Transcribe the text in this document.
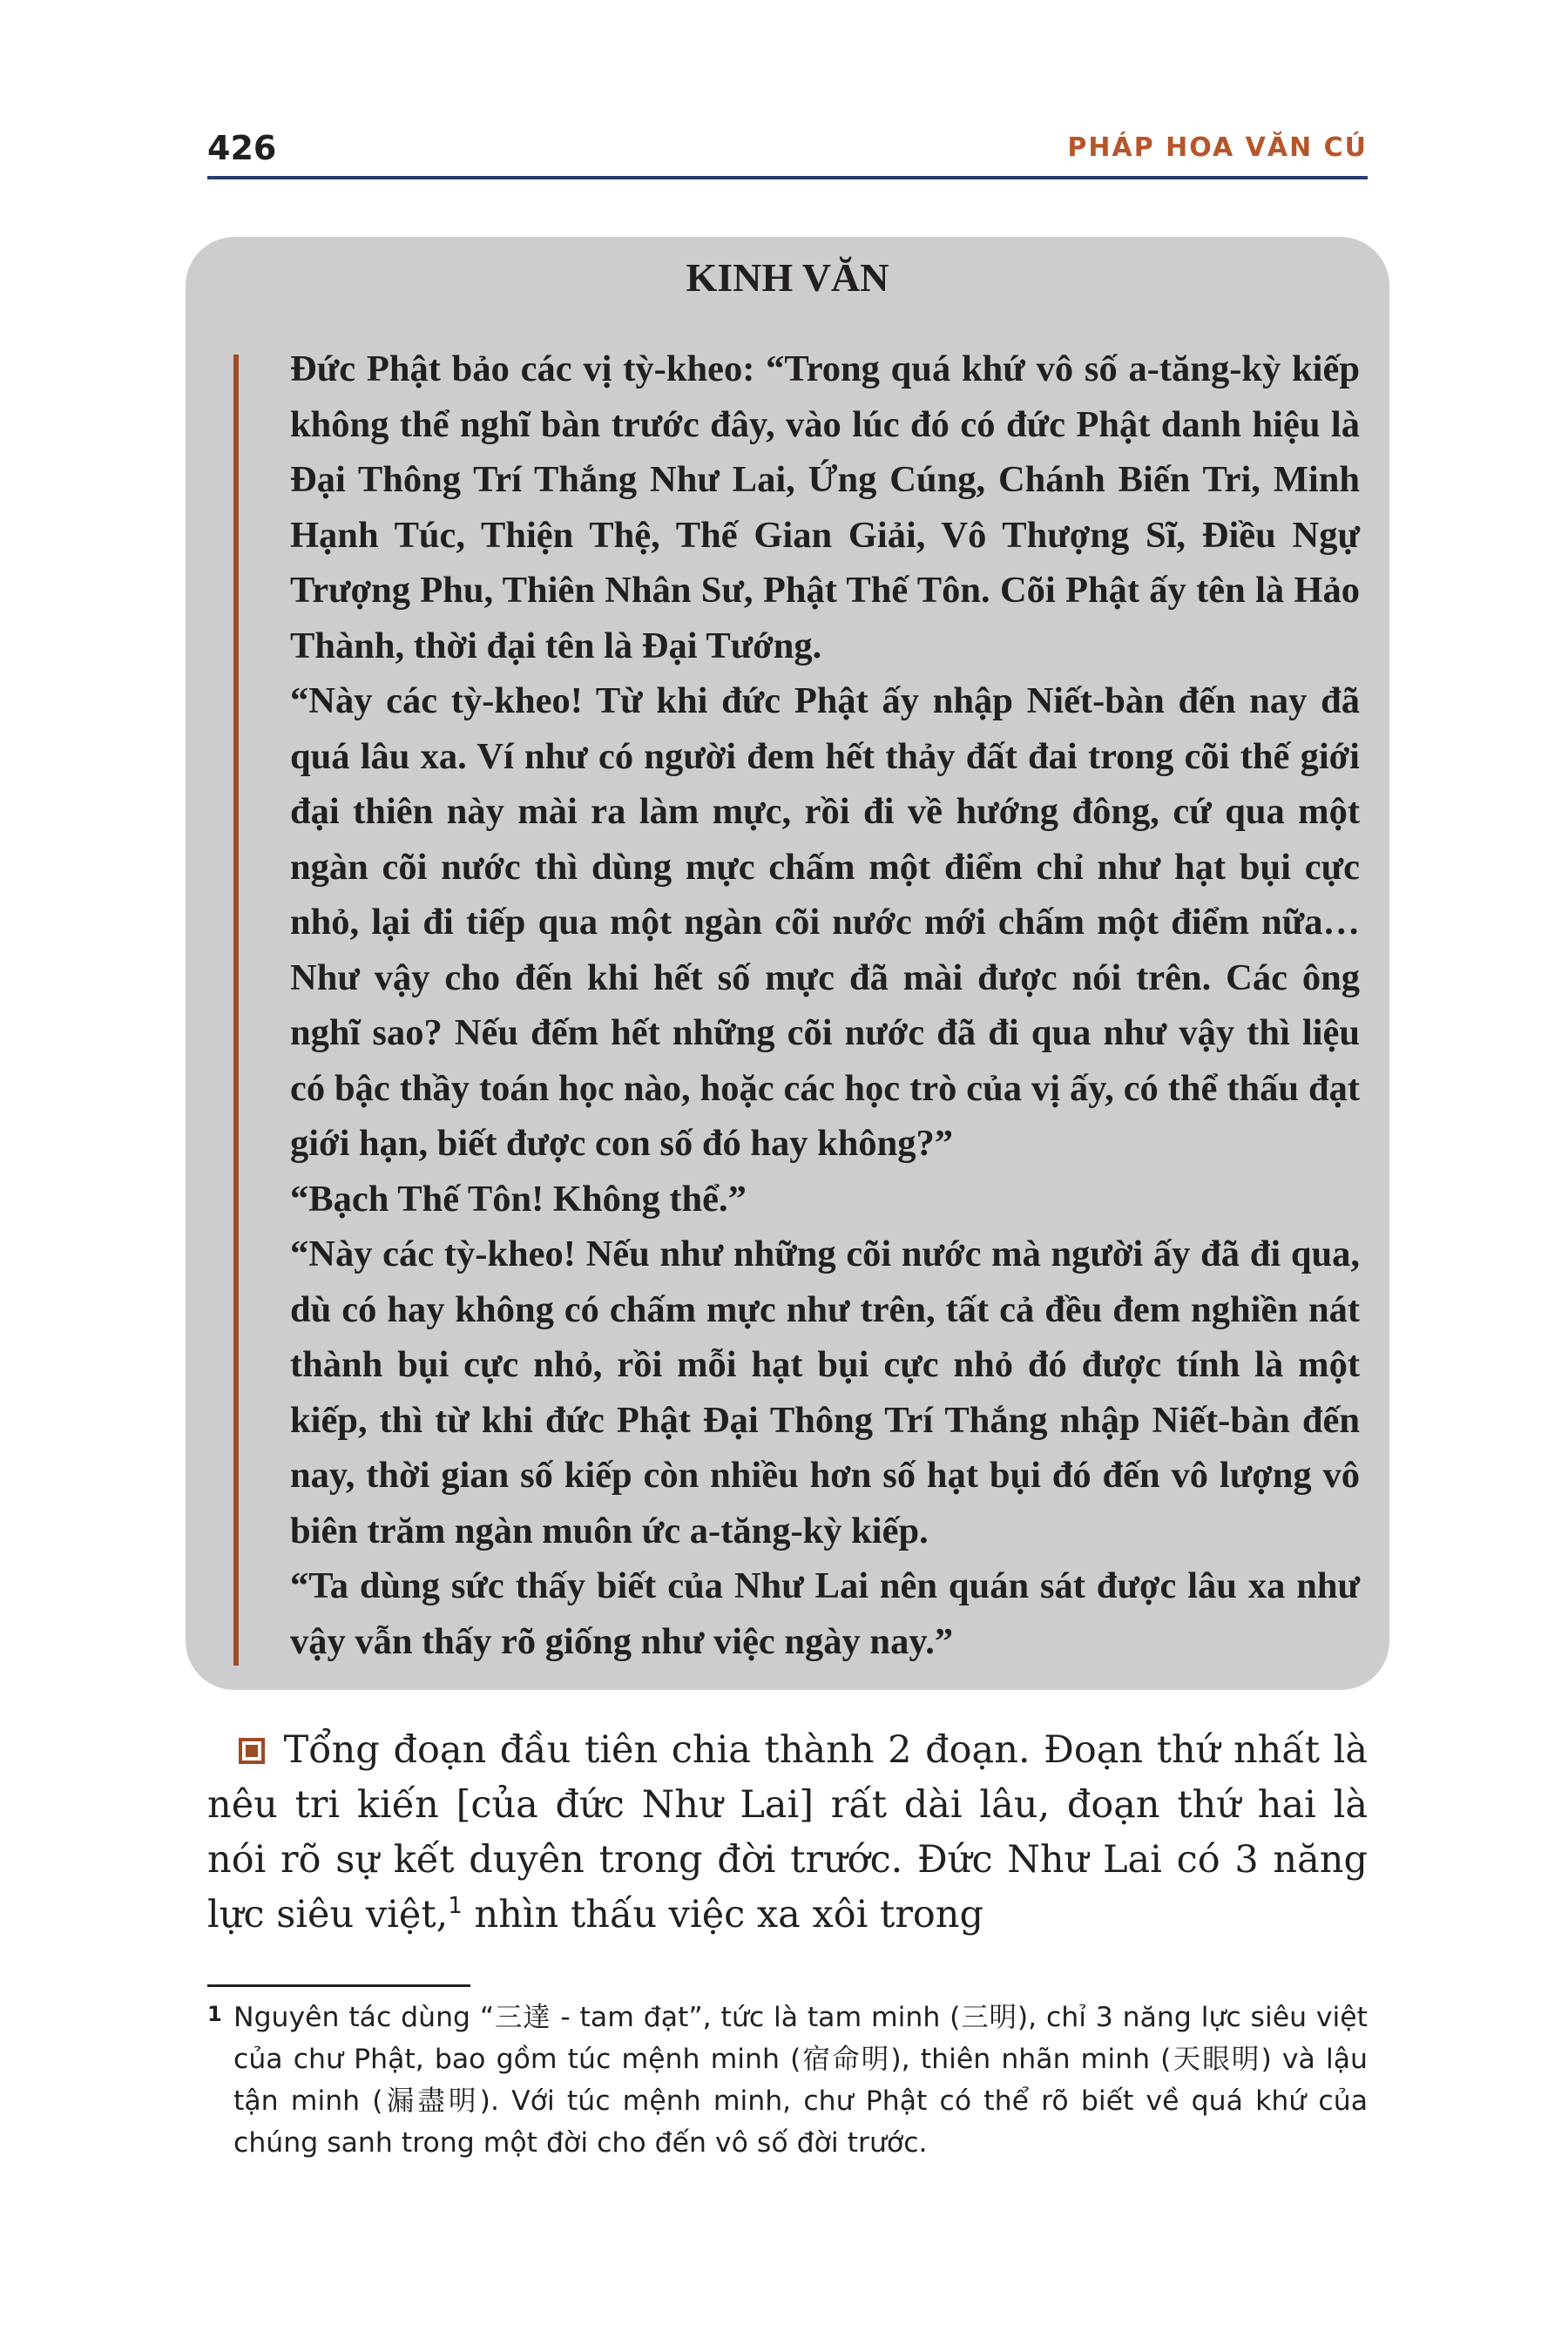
426	PHÁP HOA VĂN CÚ
KINH VĂN

Đức Phật bảo các vị tỳ-kheo: “Trong quá khứ vô số a-tăng-kỳ kiếp không thể nghĩ bàn trước đây, vào lúc đó có đức Phật danh hiệu là Đại Thông Trí Thắng Như Lai, Ứng Cúng, Chánh Biến Tri, Minh Hạnh Túc, Thiện Thệ, Thế Gian Giải, Vô Thượng Sĩ, Điều Ngự Trượng Phu, Thiên Nhân Sư, Phật Thế Tôn. Cõi Phật ấy tên là Hảo Thành, thời đại tên là Đại Tướng.

“Này các tỳ-kheo! Từ khi đức Phật ấy nhập Niết-bàn đến nay đã quá lâu xa. Ví như có người đem hết thảy đất đai trong cõi thế giới đại thiên này mài ra làm mực, rồi đi về hướng đông, cứ qua một ngàn cõi nước thì dùng mực chấm một điểm chỉ như hạt bụi cực nhỏ, lại đi tiếp qua một ngàn cõi nước mới chấm một điểm nữa… Như vậy cho đến khi hết số mực đã mài được nói trên. Các ông nghĩ sao? Nếu đếm hết những cõi nước đã đi qua như vậy thì liệu có bậc thầy toán học nào, hoặc các học trò của vị ấy, có thể thấu đạt giới hạn, biết được con số đó hay không?”

“Bạch Thế Tôn! Không thể.”

“Này các tỳ-kheo! Nếu như những cõi nước mà người ấy đã đi qua, dù có hay không có chấm mực như trên, tất cả đều đem nghiền nát thành bụi cực nhỏ, rồi mỗi hạt bụi cực nhỏ đó được tính là một kiếp, thì từ khi đức Phật Đại Thông Trí Thắng nhập Niết-bàn đến nay, thời gian số kiếp còn nhiều hơn số hạt bụi đó đến vô lượng vô biên trăm ngàn muôn ức a-tăng-kỳ kiếp.

“Ta dùng sức thấy biết của Như Lai nên quán sát được lâu xa như vậy vẫn thấy rõ giống như việc ngày nay.”

Tổng đoạn đầu tiên chia thành 2 đoạn. Đoạn thứ nhất là nêu tri kiến [của đức Như Lai] rất dài lâu, đoạn thứ hai là nói rõ sự kết duyên trong đời trước. Đức Như Lai có 3 năng lực siêu việt,$^1$ nhìn thấu việc xa xôi trong

1 Nguyên tác dùng “三達 - tam đạt”, tức là tam minh (三明), chỉ 3 năng lực siêu việt của chư Phật, bao gồm túc mệnh minh (宿命明), thiên nhãn minh (天眼明) và lậu tận minh (漏盡明). Với túc mệnh minh, chư Phật có thể rõ biết về quá khứ của chúng sanh trong một đời cho đến vô số đời trước.
